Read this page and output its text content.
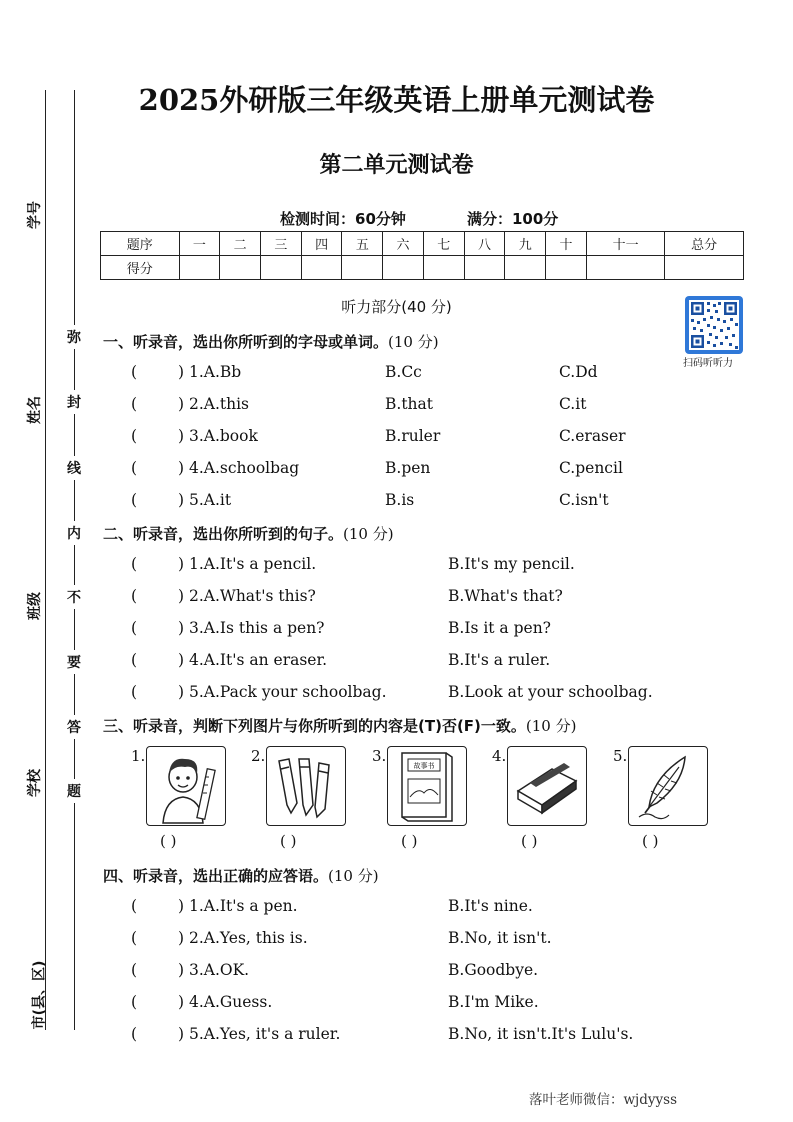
学号
姓名
班级
学校
市(县、区)
弥
封
线
内
不
要
答
题
2025外研版三年级英语上册单元测试卷
第二单元测试卷
检测时间：60分钟	满分：100分
题序	一	二	三	四	五	六	七	八	九	十	十一	总分
得分												
听力部分(40 分)
扫码听听力
一、听录音，选出你所听到的字母或单词。(10 分)
(	) 1.A.Bb	B.Cc	C.Dd
(	) 2.A.this	B.that	C.it
(	) 3.A.book	B.ruler	C.eraser
(	) 4.A.schoolbag	B.pen	C.pencil
(	) 5.A.it	B.is	C.isn't
二、听录音，选出你所听到的句子。(10 分)
(	) 1.A.It's a pencil.	B.It's my pencil.
(	) 2.A.What's this?	B.What's that?
(	) 3.A.Is this a pen?	B.Is it a pen?
(	) 4.A.It's an eraser.	B.It's a ruler.
(	) 5.A.Pack your schoolbag.	B.Look at your schoolbag.
三、听录音，判断下列图片与你所听到的内容是(T)否(F)一致。(10 分)
1.
( )
2.
( )
3.
故事书
( )
4.
( )
5.
( )
四、听录音，选出正确的应答语。(10 分)
(	) 1.A.It's a pen.	B.It's nine.
(	) 2.A.Yes, this is.	B.No, it isn't.
(	) 3.A.OK.	B.Goodbye.
(	) 4.A.Guess.	B.I'm Mike.
(	) 5.A.Yes, it's a ruler.	B.No, it isn't.It's Lulu's.
落叶老师微信：wjdyyss
